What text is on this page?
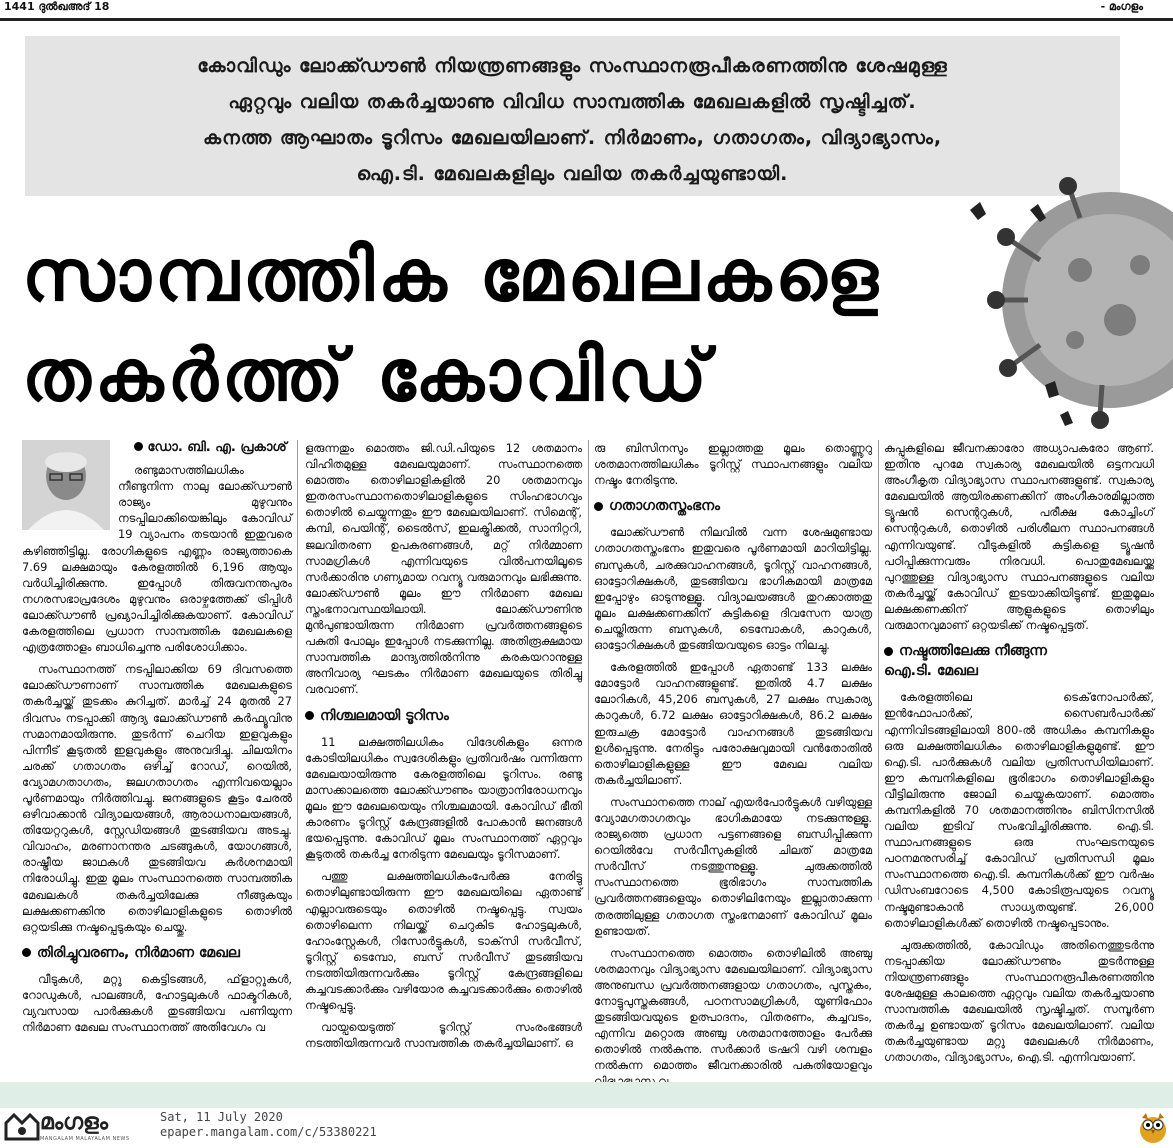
1441 ദുൽഖഅദ് 18	- മംഗളം

കോവിഡും ലോക്ക്ഡൗൺ നിയന്ത്രണങ്ങളും സംസ്ഥാനരൂപീകരണത്തിനു ശേഷമുള്ള
ഏറ്റവും വലിയ തകർച്ചയാണു വിവിധ സാമ്പത്തിക മേഖലകളിൽ സൃഷ്ടിച്ചത്.
കനത്ത ആഘാതം ടൂറിസം മേഖലയിലാണ്. നിർമാണം, ഗതാഗതം, വിദ്യാഭ്യാസം,
ഐ.ടി. മേഖലകളിലും വലിയ തകർച്ചയുണ്ടായി.

സാമ്പത്തിക മേഖലകളെ
തകർത്ത് കോവിഡ്

ഡോ. ബി. എ. പ്രകാശ്

രണ്ടുമാസത്തിലധികം നീണ്ടുനിന്ന നാലു ലോക്ക്ഡൗൺ രാജ്യം മുഴുവനും നടപ്പിലാക്കിയെങ്കിലും കോവിഡ് 19 വ്യാപനം തടയാൻ ഇതുവരെ കഴിഞ്ഞിട്ടില്ല. രോഗികളുടെ എണ്ണം രാജ്യത്താകെ 7.69 ലക്ഷമായും കേരളത്തിൽ 6,196 ആയും വർധിച്ചിരിക്കുന്നു. ഇപ്പോൾ തിരുവനന്തപുരം നഗരസഭാപ്രദേശം മുഴുവനും ഒരാഴ്ചത്തേക്ക് ട്രിപ്പിൾ ലോക്ക്ഡൗൺ പ്രഖ്യാപിച്ചിരിക്കുകയാണ്. കോവിഡ് കേരളത്തിലെ പ്രധാന സാമ്പത്തിക മേഖലകളെ എത്രത്തോളം ബാധിച്ചെന്നു പരിശോധിക്കാം.

സംസ്ഥാനത്ത് നടപ്പിലാക്കിയ 69 ദിവസത്തെ ലോക്ക്ഡൗണാണ് സാമ്പത്തിക മേഖലകളുടെ തകർച്ചയ്ക്ക് തുടക്കം കുറിച്ചത്. മാർച്ച് 24 മുതൽ 27 ദിവസം നടപ്പാക്കി ആദ്യ ലോക്ക്ഡൗൺ കർഫ്യൂവിനു സമാനമായിരുന്നു. തുടർന്ന് ചെറിയ ഇളവുകളും പിന്നീട് കൂടുതൽ ഇളവുകളും അനുവദിച്ചു. ചിലയിനം ചരക്ക് ഗതാഗതം ഒഴിച്ച് റോഡ്, റെയിൽ, വ്യോമഗതാഗതം, ജലഗതാഗതം എന്നിവയെല്ലാം പൂർണമായും നിർത്തിവച്ചു. ജനങ്ങളുടെ കൂട്ടം ചേരൽ ഒഴിവാക്കാൻ വിദ്യാലയങ്ങൾ, ആരാധനാലയങ്ങൾ, തിയേറ്ററുകൾ, സ്റ്റേഡിയങ്ങൾ തുടങ്ങിയവ അടച്ചു. വിവാഹം, മരണാനന്തര ചടങ്ങുകൾ, യോഗങ്ങൾ, രാഷ്ട്രീയ ജാഥകൾ തുടങ്ങിയവ കർശനമായി നിരോധിച്ചു. ഇതു മൂലം സംസ്ഥാനത്തെ സാമ്പത്തിക മേഖലകൾ തകർച്ചയിലേക്കു നീങ്ങുകയും ലക്ഷക്കണക്കിനു തൊഴിലാളികളുടെ തൊഴിൽ ഒറ്റയടിക്കു നഷ്ടപ്പെടുകയും ചെയ്തു.

തിരിച്ചുവരണം, നിർമാണ മേഖല

വീടുകൾ, മറ്റു കെട്ടിടങ്ങൾ, ഫ്‌ളാറ്റുകൾ, റോഡുകൾ, പാലങ്ങൾ, ഹോട്ടലുകൾ ഫാക്ടറികൾ, വ്യവസായ പാർക്കുകൾ തുടങ്ങിയവ പണിയുന്ന നിർമാണ മേഖല സംസ്ഥാനത്ത് അതിവേഗം വ

ളരുന്നതും മൊത്തം ജി.ഡി.പിയുടെ 12 ശതമാനം വിഹിതമുള്ള മേഖലയുമാണ്. സംസ്ഥാനത്തെ മൊത്തം തൊഴിലാളികളിൽ 20 ശതമാനവും ഇതരസംസ്ഥാനതൊഴിലാളികളുടെ സിംഹഭാഗവും തൊഴിൽ ചെയ്യുന്നതും ഈ മേഖലയിലാണ്. സിമെന്റ്, കമ്പി, പെയിന്റ്, ടൈൽസ്, ഇലക്ട്രിക്കൽ, സാനിറ്ററി, ജലവിതരണ ഉപകരണങ്ങൾ, മറ്റ് നിർമ്മാണ സാമഗ്രികൾ എന്നിവയുടെ വിൽപനയിലൂടെ സർക്കാരിനു ഗണ്യമായ റവന്യൂ വരുമാനവും ലഭിക്കുന്നു. ലോക്ക്ഡൗൺ മൂലം ഈ നിർമാണ മേഖല സ്തംഭനാവസ്ഥയിലായി. ലോക്ക്ഡൗണിനു മുൻപുണ്ടായിരുന്ന നിർമാണ പ്രവർത്തനങ്ങളുടെ പകുതി പോലും ഇപ്പോൾ നടക്കുന്നില്ല. അതിരൂക്ഷമായ സാമ്പത്തിക മാന്ദ്യത്തിൽനിന്നു കരകയറാനുള്ള അനിവാര്യ ഘടകം നിർമാണ മേഖലയുടെ തിരിച്ചു വരവാണ്.

നിശ്ചലമായി ടൂറിസം

11 ലക്ഷത്തിലധികം വിദേശികളും ഒന്നര കോടിയിലധികം സ്വദേശികളും പ്രതിവർഷം വന്നിരുന്ന മേഖലയായിരുന്നു കേരളത്തിലെ ടൂറിസം. രണ്ടു മാസക്കാലത്തെ ലോക്ക്ഡൗണും യാത്രാനിരോധനവും മൂലം ഈ മേഖലയെയും നിശ്ചലമായി. കോവിഡ് ഭീതി കാരണം ടൂറിസ്റ്റ് കേന്ദ്രങ്ങളിൽ പോകാൻ ജനങ്ങൾ ഭയപ്പെടുന്നു. കോവിഡ് മൂലം സംസ്ഥാനത്ത് ഏറ്റവും കൂടുതൽ തകർച്ച നേരിടുന്ന മേഖലയും ടൂറിസമാണ്.

പത്തു ലക്ഷത്തിലധികംപേർക്കു നേരിട്ടു തൊഴിലുണ്ടായിരുന്ന ഈ മേഖലയിലെ ഏതാണ്ട് എല്ലാവരുടെയും തൊഴിൽ നഷ്ടപ്പെട്ടു. സ്വയം തൊഴിലെന്ന നിലയ്ക്ക് ചെറുകിട ഹോട്ടലുകൾ, ഹോംസ്റ്റേകൾ, റിസോർട്ടുകൾ, ടാക്‌സി സർവീസ്, ടൂറിസ്റ്റ് ടെമ്പോ, ബസ് സർവീസ് തുടങ്ങിയവ നടത്തിയിരുന്നവർക്കും ടൂറിസ്റ്റ് കേന്ദ്രങ്ങളിലെ കച്ചവടക്കാർക്കും വഴിയോര കച്ചവടക്കാർക്കും തൊഴിൽ നഷ്ടപ്പെട്ടു.

വായ്പയെടുത്ത് ടൂറിസ്റ്റ് സംരംഭങ്ങൾ നടത്തിയിരുന്നവർ സാമ്പത്തിക തകർച്ചയിലാണ്. ഒ

രു ബിസിനസും ഇല്ലാത്തതു മൂലം തൊണ്ണൂറു ശതമാനത്തിലധികം ടൂറിസ്റ്റ് സ്ഥാപനങ്ങളും വലിയ നഷ്ടം നേരിടുന്നു.

ഗതാഗതസ്തംഭനം

ലോക്ക്ഡൗൺ നിലവിൽ വന്ന ശേഷമുണ്ടായ ഗതാഗതസ്തംഭനം ഇതുവരെ പൂർണമായി മാറിയിട്ടില്ല. ബസുകൾ, ചരക്കുവാഹനങ്ങൾ, ടൂറിസ്റ്റ് വാഹനങ്ങൾ, ഓട്ടോറിക്ഷകൾ, തുടങ്ങിയവ ഭാഗികമായി മാത്രമേ ഇപ്പോഴും ഓടുന്നുള്ളൂ. വിദ്യാലയങ്ങൾ തുറക്കാത്തതു മൂലം ലക്ഷക്കണക്കിന് കുട്ടികളെ ദിവസേന യാത്ര ചെയ്തിരുന്ന ബസുകൾ, ടെമ്പോകൾ, കാറുകൾ, ഓട്ടോറിക്ഷകൾ തുടങ്ങിയവയുടെ ഓട്ടം നിലച്ചു.

കേരളത്തിൽ ഇപ്പോൾ ഏതാണ്ട് 133 ലക്ഷം മോട്ടോർ വാഹനങ്ങളുണ്ട്. ഇതിൽ 4.7 ലക്ഷം ലോറികൾ, 45,206 ബസുകൾ, 27 ലക്ഷം സ്വകാര്യ കാറുകൾ, 6.72 ലക്ഷം ഓട്ടോറിക്ഷകൾ, 86.2 ലക്ഷം ഇരുചക്ര മോട്ടോർ വാഹനങ്ങൾ തുടങ്ങിയവ ഉൾപ്പെടുന്നു. നേരിട്ടും പരോക്ഷവുമായി വൻതോതിൽ തൊഴിലാളികളുള്ള ഈ മേഖല വലിയ തകർച്ചയിലാണ്.

സംസ്ഥാനത്തെ നാല് എയർപോർട്ടുകൾ വഴിയുള്ള വ്യോമഗതാഗതവും ഭാഗികമായേ നടക്കുന്നുള്ളൂ. രാജ്യത്തെ പ്രധാന പട്ടണങ്ങളെ ബന്ധിപ്പിക്കുന്ന റെയിൽവേ സർവീസുകളിൽ ചിലത് മാത്രമേ സർവീസ് നടത്തുന്നുള്ളൂ. ചുരുക്കത്തിൽ സംസ്ഥാനത്തെ ഭൂരിഭാഗം സാമ്പത്തിക പ്രവർത്തനങ്ങളെയും തൊഴിലിനേയും ഇല്ലാതാക്കുന്ന തരത്തിലുള്ള ഗതാഗത സ്തംഭനമാണ് കോവിഡ് മൂലം ഉണ്ടായത്.

സംസ്ഥാനത്തെ മൊത്തം തൊഴിലിൽ അഞ്ചു ശതമാനവും വിദ്യാഭ്യാസ മേഖലയിലാണ്. വിദ്യാഭ്യാസ അനുബന്ധ പ്രവർത്തനങ്ങളായ ഗതാഗതം, പുസ്തകം, നോട്ടുപുസ്തകങ്ങൾ, പഠനസാമഗ്രികൾ, യൂണിഫോം തുടങ്ങിയവയുടെ ഉത്പാദനം, വിതരണം, കച്ചവടം, എന്നിവ മറ്റൊരു അഞ്ചു ശതമാനത്തോളം പേർക്കു തൊഴിൽ നൽകുന്നു. സർക്കാർ ട്രഷറി വഴി ശമ്പളം നൽകുന്ന മൊത്തം ജീവനക്കാരിൽ പകുതിയോളവും

കുപ്പുകളിലെ ജീവനക്കാരോ അധ്യാപകരോ ആണ്. ഇതിനു പുറമേ സ്വകാര്യ മേഖലയിൽ ഒട്ടനവധി അംഗീകൃത വിദ്യാഭ്യാസ സ്ഥാപനങ്ങളുണ്ട്. സ്വകാര്യ മേഖലയിൽ ആയിരക്കണക്കിന് അംഗീകാരമില്ലാത്ത ട്യൂഷൻ സെന്ററുകൾ, പരീക്ഷ കോച്ചിംഗ് സെന്ററുകൾ, തൊഴിൽ പരിശീലന സ്ഥാപനങ്ങൾ എന്നിവയുണ്ട്. വീടുകളിൽ കുട്ടികളെ ട്യൂഷൻ പഠിപ്പിക്കുന്നവരും നിരവധി. പൊതുമേഖലയ്ക്കു പുറത്തുള്ള വിദ്യാഭ്യാസ സ്ഥാപനങ്ങളുടെ വലിയ തകർച്ചയ്ക്ക് കോവിഡ് ഇടയാക്കിയിട്ടുണ്ട്. ഇതുമൂലം ലക്ഷക്കണക്കിന് ആളുകളുടെ തൊഴിലും വരുമാനവുമാണ് ഒറ്റയടിക്ക് നഷ്ടപ്പെട്ടത്.

നഷ്ടത്തിലേക്കു നീങ്ങുന്ന
ഐ.ടി. മേഖല

കേരളത്തിലെ ടെക്‌നോപാർക്ക്, ഇൻഫോപാർക്ക്, സൈബർപാർക്ക് എന്നിവിടങ്ങളിലായി 800-ൽ അധികം കമ്പനികളും ഒരു ലക്ഷത്തിലധികം തൊഴിലാളികളുമുണ്ട്. ഈ ഐ.ടി. പാർക്കുകൾ വലിയ പ്രതിസന്ധിയിലാണ്. ഈ കമ്പനികളിലെ ഭൂരിഭാഗം തൊഴിലാളികളും വീട്ടിലിരുന്നു ജോലി ചെയ്യുകയാണ്. മൊത്തം കമ്പനികളിൽ 70 ശതമാനത്തിനും ബിസിനസിൽ വലിയ ഇടിവ് സംഭവിച്ചിരിക്കുന്നു. ഐ.ടി. സ്ഥാപനങ്ങളുടെ ഒരു സംഘടനയുടെ പഠനമനുസരിച്ച് കോവിഡ് പ്രതിസന്ധി മൂലം സംസ്ഥാനത്തെ ഐ.ടി. കമ്പനികൾക്ക് ഈ വർഷം ഡിസംബറോടെ 4,500 കോടിരൂപയുടെ റവന്യൂ നഷ്ടമുണ്ടാകാൻ സാധ്യതയുണ്ട്. 26,000 തൊഴിലാളികൾക്ക് തൊഴിൽ നഷ്ടപ്പെടാനും.

ചുരുക്കത്തിൽ, കോവിഡും അതിനെത്തുടർന്നു നടപ്പാക്കിയ ലോക്ക്ഡൗണും തുടർന്നുള്ള നിയന്ത്രണങ്ങളും സംസ്ഥാനരൂപീകരണത്തിനു ശേഷമുള്ള കാലത്തെ ഏറ്റവും വലിയ തകർച്ചയാണു സാമ്പത്തിക മേഖലയിൽ സൃഷ്ടിച്ചത്. സമ്പൂർണ തകർച്ച ഉണ്ടായത് ടൂറിസം മേഖലയിലാണ്. വലിയ തകർച്ചയുണ്ടായ മറ്റു മേഖലകൾ നിർമാണം, ഗതാഗതം, വിദ്യാഭ്യാസം, ഐ.ടി. എന്നിവയാണ്.

മംഗളം
MANGALAM MALAYALAM NEWS
Sat, 11 July 2020
epaper.mangalam.com/c/53380221
